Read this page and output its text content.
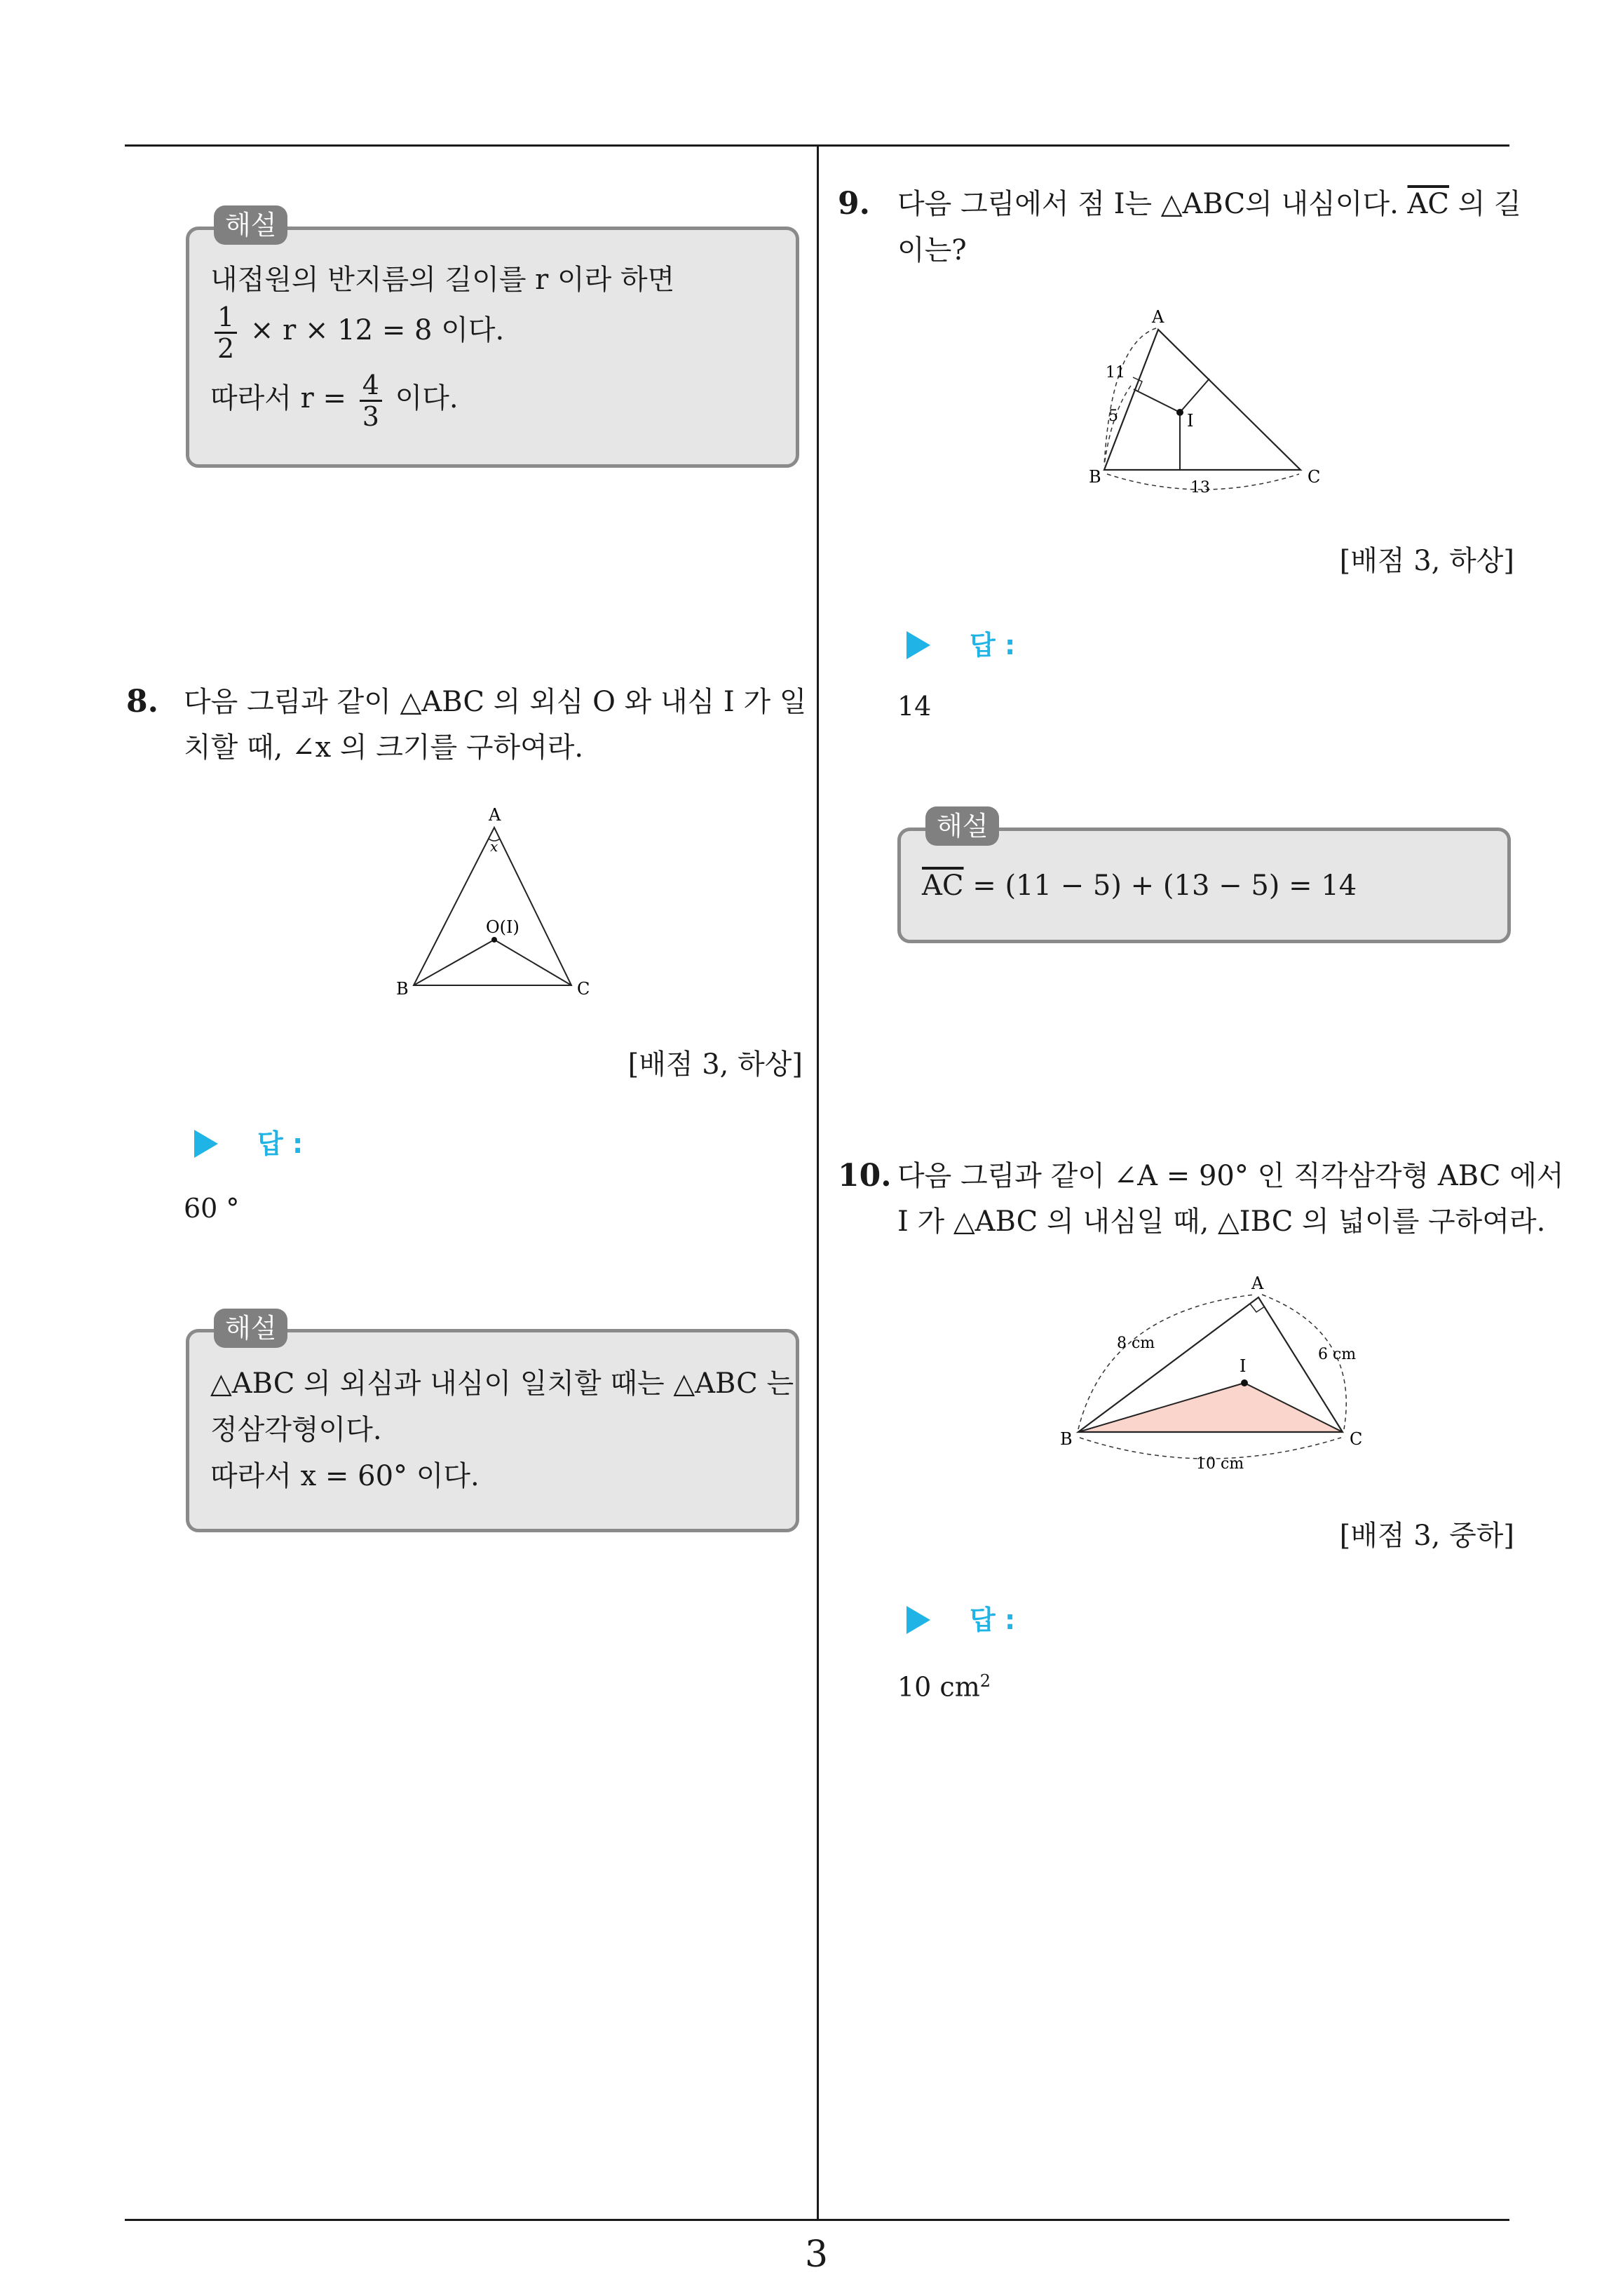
해설
내접원의 반지름의 길이를 r 이라 하면
$\frac{1}{2} \times r \times 12 = 8$ 이다.
따라서 $r = \frac{4}{3}$ 이다.
8. 다음 그림과 같이 △ABC 의 외심 O 와 내심 I 가 일
치할 때, ∠x 의 크기를 구하여라.
A
x
O(I)
B	C
[배점 3, 하상]
답 :
60 °
해설
△ABC 의 외심과 내심이 일치할 때는 △ABC 는
정삼각형이다.
따라서 x = 60° 이다.
9. 다음 그림에서 점 I는 △ABC의 내심이다. $\overline{AC}$ 의 길
이는?
A
I
B	C
11
5
13
[배점 3, 하상]
답 :
14
해설
$\overline{AC} = (11 - 5) + (13 - 5) = 14$
10. 다음 그림과 같이 ∠A = 90° 인 직각삼각형 ABC 에서
I 가 △ABC 의 내심일 때, △IBC 의 넓이를 구하여라.
A
I
B	C
8 cm
6 cm
10 cm
[배점 3, 중하]
답 :
10 $cm^2$
3
